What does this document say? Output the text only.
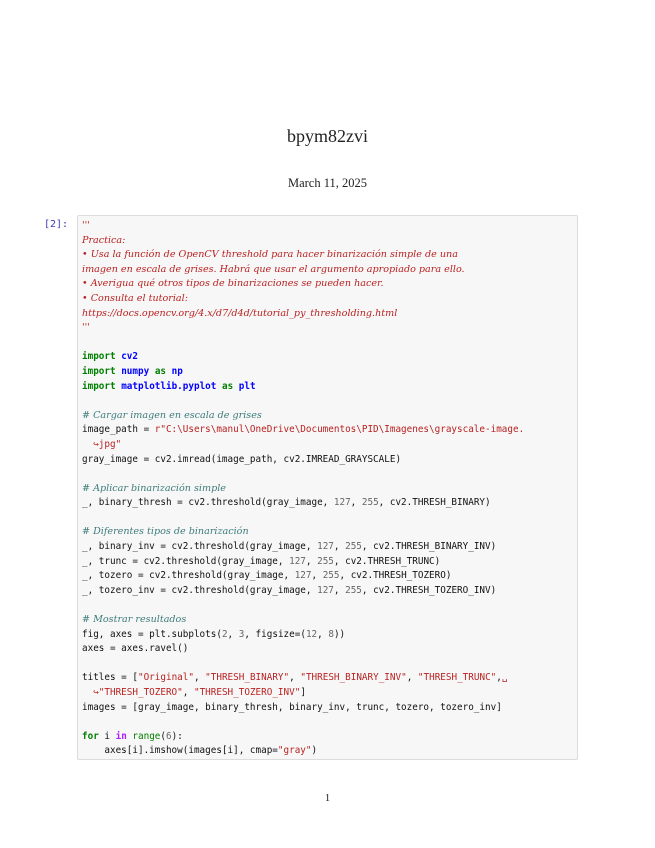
bpym82zvi
March 11, 2025
[2]: '''
Practica:
• Usa la función de OpenCV threshold para hacer binarización simple de una
imagen en escala de grises. Habrá que usar el argumento apropiado para ello.
• Averigua qué otros tipos de binarizaciones se pueden hacer.
• Consulta el tutorial:
https://docs.opencv.org/4.x/d7/d4d/tutorial_py_thresholding.html
'''

import cv2
import numpy as np
import matplotlib.pyplot as plt

# Cargar imagen en escala de grises
image_path = r"C:\Users\manul\OneDrive\Documentos\PID\Imagenes\grayscale-image.
↪jpg"
gray_image = cv2.imread(image_path, cv2.IMREAD_GRAYSCALE)

# Aplicar binarización simple
_, binary_thresh = cv2.threshold(gray_image, 127, 255, cv2.THRESH_BINARY)

# Diferentes tipos de binarización
_, binary_inv = cv2.threshold(gray_image, 127, 255, cv2.THRESH_BINARY_INV)
_, trunc = cv2.threshold(gray_image, 127, 255, cv2.THRESH_TRUNC)
_, tozero = cv2.threshold(gray_image, 127, 255, cv2.THRESH_TOZERO)
_, tozero_inv = cv2.threshold(gray_image, 127, 255, cv2.THRESH_TOZERO_INV)

# Mostrar resultados
fig, axes = plt.subplots(2, 3, figsize=(12, 8))
axes = axes.ravel()

titles = ["Original", "THRESH_BINARY", "THRESH_BINARY_INV", "THRESH_TRUNC",␣
↪"THRESH_TOZERO", "THRESH_TOZERO_INV"]
images = [gray_image, binary_thresh, binary_inv, trunc, tozero, tozero_inv]

for i in range(6):
axes[i].imshow(images[i], cmap="gray")
1
